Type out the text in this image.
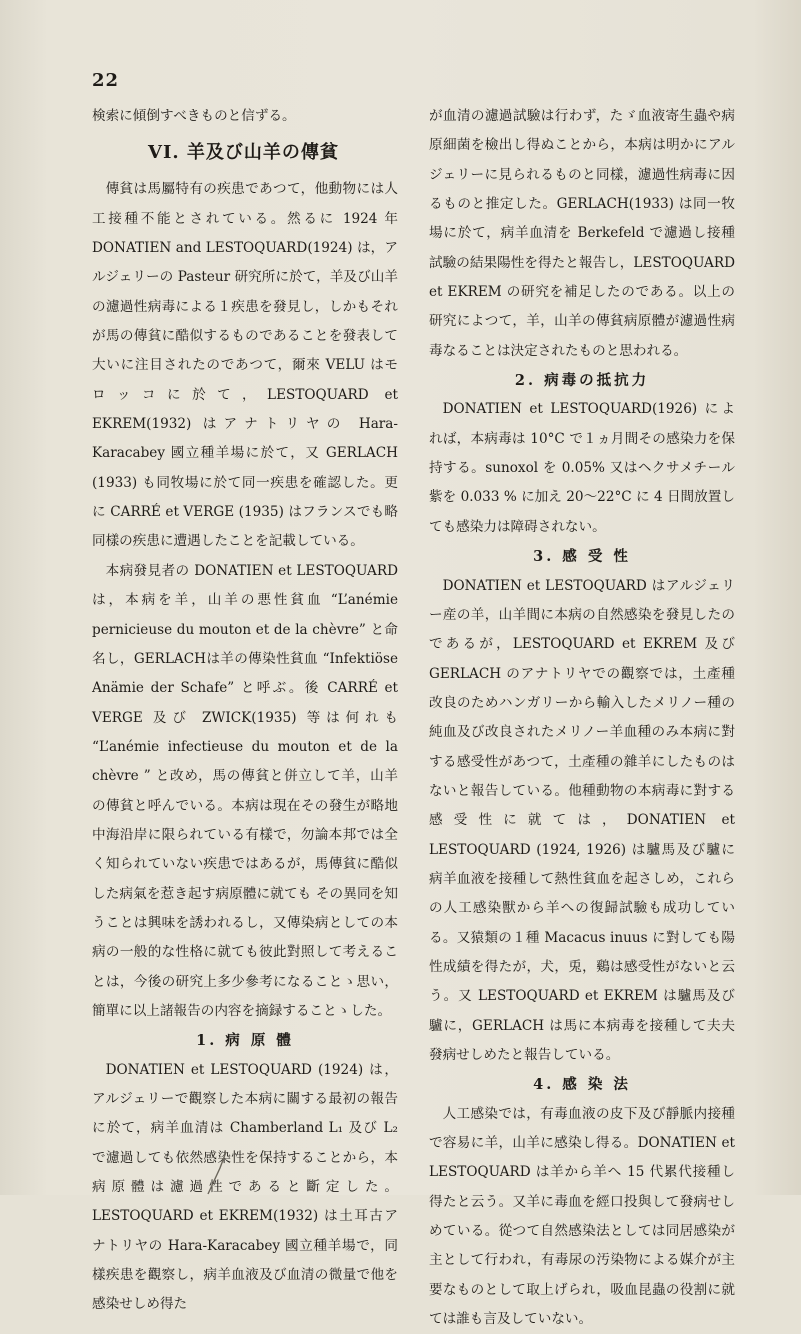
22

検索に傾倒すべきものと信ずる。

VI. 羊及び山羊の傳貧

傳貧は馬屬特有の疾患であつて，他動物には人工接種不能とされている。然るに 1924 年 DONATIEN and LESTOQUARD(1924) は，アルジェリーの Pasteur 研究所に於て，羊及び山羊の濾過性病毒による１疾患を發見し，しかもそれが馬の傳貧に酷似するものであることを發表して大いに注目されたのであつて，爾來 VELU はモロッコに於て，LESTOQUARD et EKREM(1932) はアナトリヤの Hara-Karacabey 國立種羊場に於て，又 GERLACH (1933) も同牧場に於て同一疾患を確認した。更に CARRÉ et VERGE (1935) はフランスでも略同樣の疾患に遭遇したことを記載している。

本病發見者の DONATIEN et LESTOQUARD は，本病を羊，山羊の悪性貧血 “L’anémie pernicieuse du mouton et de la chèvre” と命名し，GERLACHは羊の傳染性貧血 “Infektiöse Anämie der Schafe” と呼ぶ。後 CARRÉ et VERGE 及び ZWICK(1935) 等は何れも “L’anémie infectieuse du mouton et de la chèvre ” と改め，馬の傳貧と併立して羊，山羊の傳貧と呼んでいる。本病は現在その發生が略地中海沿岸に限られている有樣で，勿論本邦では全く知られていない疾患ではあるが，馬傳貧に酷似した病氣を惹き起す病原體に就ても その異同を知うことは興味を誘われるし，又傳染病としての本病の一般的な性格に就ても彼此對照して考えることは，今後の研究上多少參考になることゝ思い，簡單に以上諸報告の内容を摘録することゝした。

1. 病 原 體

DONATIEN et LESTOQUARD (1924) は，アルジェリーで觀察した本病に關する最初の報告に於て，病羊血清は Chamberland L₁ 及び L₂ で濾過しても依然感染性を保持することから，本病原體は濾過性であると斷定した。LESTOQUARD et EKREM(1932) は土耳古アナトリヤの Hara-Karacabey 國立種羊場で，同樣疾患を觀察し，病羊血液及び血清の微量で他を感染せしめ得た

が血清の濾過試驗は行わず，たゞ血液寄生蟲や病原細菌を檢出し得ぬことから，本病は明かにアルジェリーに見られるものと同樣，濾過性病毒に因るものと推定した。GERLACH(1933) は同一牧場に於て，病羊血清を Berkefeld で濾過し接種試驗の結果陽性を得たと報告し，LESTOQUARD et EKREM の研究を補足したのである。以上の研究によつて，羊，山羊の傳貧病原體が濾過性病毒なることは決定されたものと思われる。

2. 病毒の抵抗力

DONATIEN et LESTOQUARD(1926) によれば，本病毒は 10°C で１ヵ月間その感染力を保持する。sunoxol を 0.05% 又はヘクサメチール紫を 0.033 % に加え 20〜22°C に 4 日間放置しても感染力は障碍されない。

3. 感 受 性

DONATIEN et LESTOQUARD はアルジェリー産の羊，山羊間に本病の自然感染を發見したのであるが，LESTOQUARD et EKREM 及び GERLACH のアナトリヤでの觀察では，土產種改良のためハンガリーから輸入したメリノー種の純血及び改良されたメリノー羊血種のみ本病に對する感受性があつて，土產種の雜羊にしたものはないと報告している。他種動物の本病毒に對する感受性に就ては，DONATIEN et LESTOQUARD (1924, 1926) は驢馬及び驢に病羊血液を接種して熱性貧血を起さしめ，これらの人工感染獸から羊への復歸試驗も成功している。又猿類の１種 Macacus inuus に對しても陽性成績を得たが，犬，兎，鷄は感受性がないと云う。又 LESTOQUARD et EKREM は驢馬及び驢に，GERLACH は馬に本病毒を接種して夫夫發病せしめたと報告している。

4. 感 染 法

人工感染では，有毒血液の皮下及び靜脈内接種で容易に羊，山羊に感染し得る。DONATIEN et LESTOQUARD は羊から羊へ 15 代累代接種し得たと云う。又羊に毒血を經口投與して發病せしめている。從つて自然感染法としては同居感染が主として行われ，有毒尿の汚染物による媒介が主要なものとして取上げられ，吸血昆蟲の役割に就ては誰も言及していない。
